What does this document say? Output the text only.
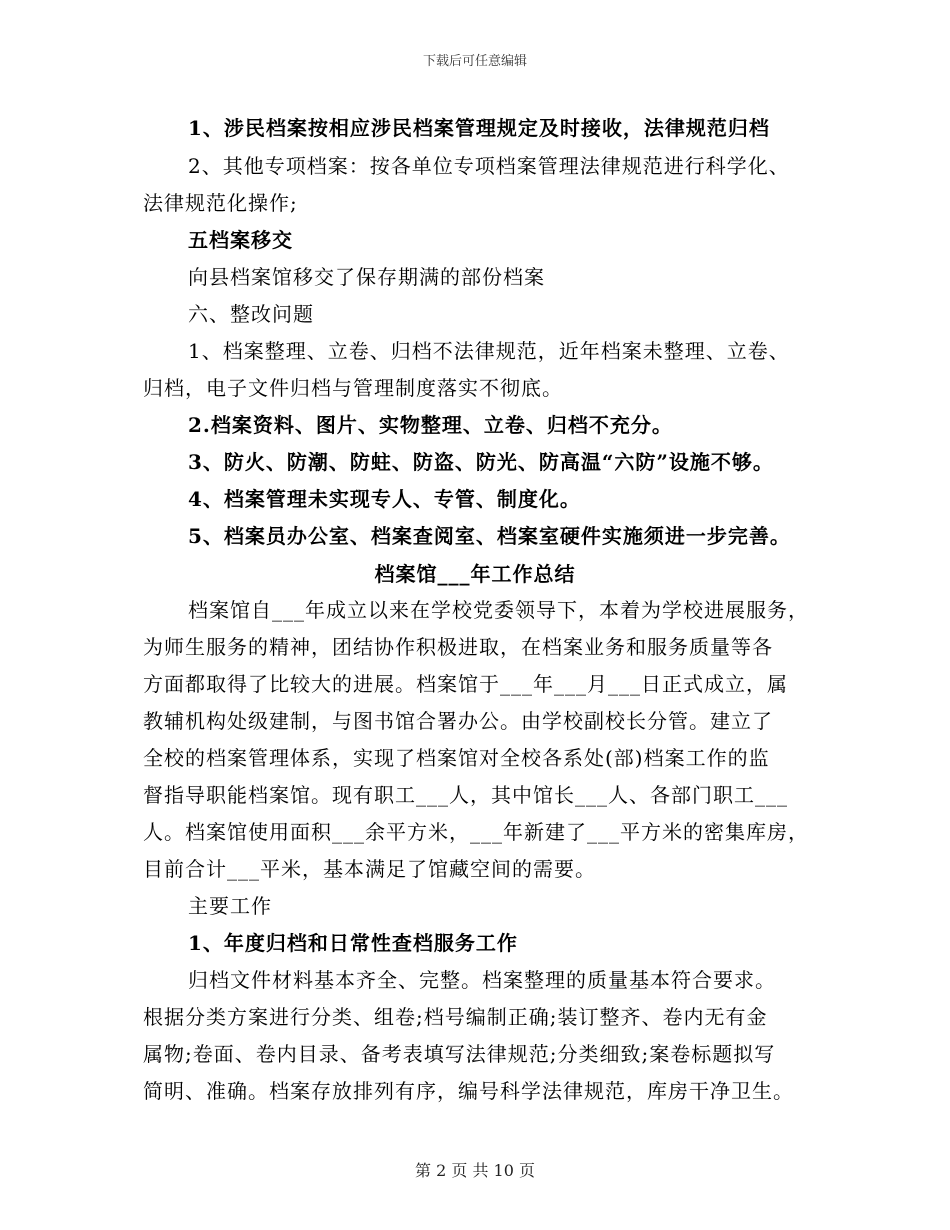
下载后可任意编辑
1、涉民档案按相应涉民档案管理规定及时接收，法律规范归档
2、其他专项档案：按各单位专项档案管理法律规范进行科学化、
法律规范化操作;
五档案移交
向县档案馆移交了保存期满的部份档案
六、整改问题
1、档案整理、立卷、归档不法律规范，近年档案未整理、立卷、
归档，电子文件归档与管理制度落实不彻底。
2.档案资料、图片、实物整理、立卷、归档不充分。
3、防火、防潮、防蛀、防盗、防光、防高温“六防”设施不够。
4、档案管理未实现专人、专管、制度化。
5、档案员办公室、档案查阅室、档案室硬件实施须进一步完善。
档案馆___年工作总结
档案馆自___年成立以来在学校党委领导下，本着为学校进展服务，
为师生服务的精神，团结协作积极进取，在档案业务和服务质量等各
方面都取得了比较大的进展。档案馆于___年___月___日正式成立，属
教辅机构处级建制，与图书馆合署办公。由学校副校长分管。建立了
全校的档案管理体系，实现了档案馆对全校各系处(部)档案工作的监
督指导职能档案馆。现有职工___人，其中馆长___人、各部门职工___
人。档案馆使用面积___余平方米，___年新建了___平方米的密集库房，
目前合计___平米，基本满足了馆藏空间的需要。
主要工作
1、年度归档和日常性查档服务工作
归档文件材料基本齐全、完整。档案整理的质量基本符合要求。
根据分类方案进行分类、组卷;档号编制正确;装订整齐、卷内无有金
属物;卷面、卷内目录、备考表填写法律规范;分类细致;案卷标题拟写
简明、准确。档案存放排列有序，编号科学法律规范，库房干净卫生。
第 2 页 共 10 页
